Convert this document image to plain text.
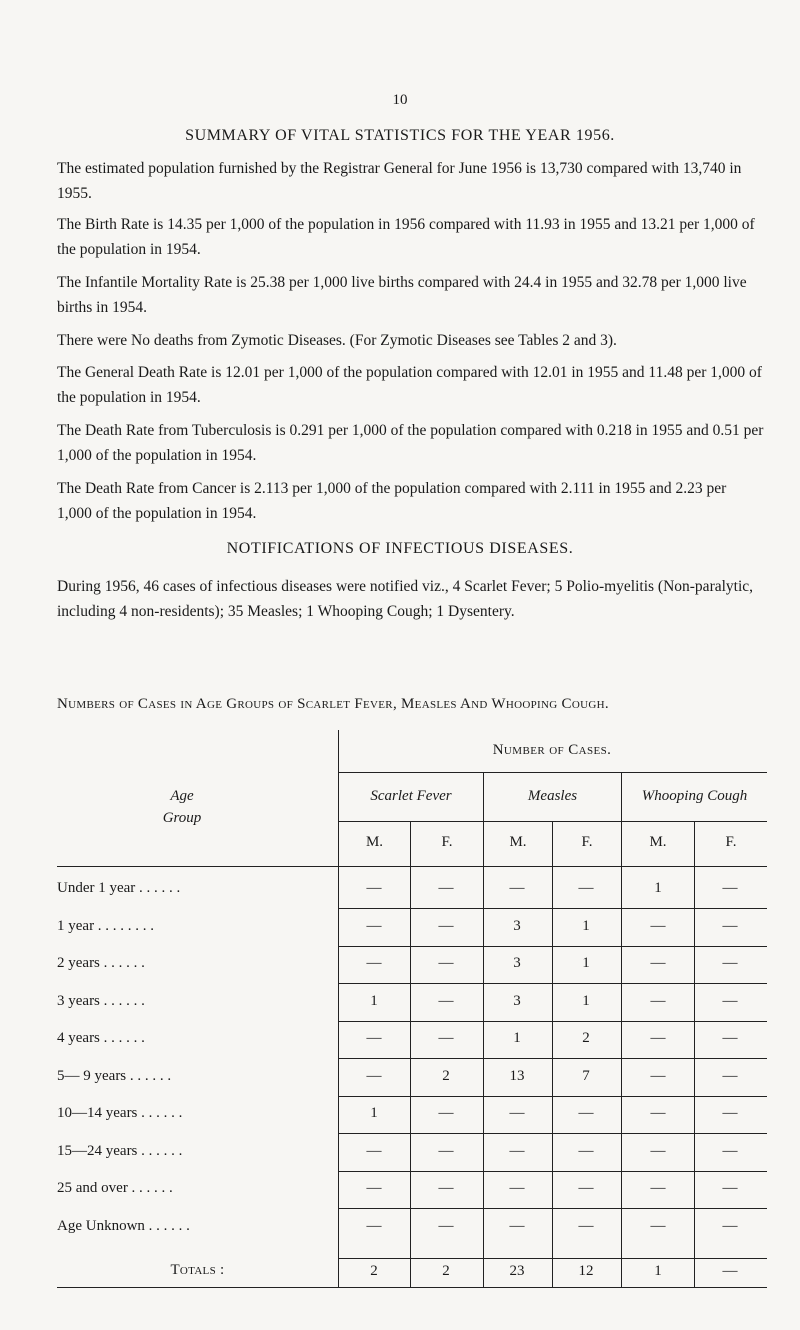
10
SUMMARY OF VITAL STATISTICS FOR THE YEAR 1956.

The estimated population furnished by the Registrar General for June 1956 is 13,730 compared with 13,740 in 1955.

The Birth Rate is 14.35 per 1,000 of the population in 1956 compared with 11.93 in 1955 and 13.21 per 1,000 of the population in 1954.

The Infantile Mortality Rate is 25.38 per 1,000 live births compared with 24.4 in 1955 and 32.78 per 1,000 live births in 1954.

There were No deaths from Zymotic Diseases. (For Zymotic Diseases see Tables 2 and 3).

The General Death Rate is 12.01 per 1,000 of the population compared with 12.01 in 1955 and 11.48 per 1,000 of the population in 1954.

The Death Rate from Tuberculosis is 0.291 per 1,000 of the population compared with 0.218 in 1955 and 0.51 per 1,000 of the population in 1954.

The Death Rate from Cancer is 2.113 per 1,000 of the population compared with 2.111 in 1955 and 2.23 per 1,000 of the population in 1954.

NOTIFICATIONS OF INFECTIOUS DISEASES.

During 1956, 46 cases of infectious diseases were notified viz., 4 Scarlet Fever; 5 Polio-myelitis (Non-paralytic, including 4 non-residents); 35 Measles; 1 Whooping Cough; 1 Dysentery.

Numbers of Cases in Age Groups of Scarlet Fever, Measles And Whooping Cough.
Number of Cases.
Age
Group
Scarlet Fever	Measles	Whooping Cough
M.	F.	M.	F.	M.	F.
Under 1 year . . . . . .	—	—	—	—	1	—
1 year . . . . . . . .	—	—	3	1	—	—
2 years . . . . . .	—	—	3	1	—	—
3 years . . . . . .	1	—	3	1	—	—
4 years . . . . . .	—	—	1	2	—	—
5— 9 years . . . . . .	—	2	13	7	—	—
10—14 years . . . . . .	1	—	—	—	—	—
15—24 years . . . . . .	—	—	—	—	—	—
25 and over . . . . . .	—	—	—	—	—	—
Age Unknown . . . . . .	—	—	—	—	—	—
Totals :	2	2	23	12	1	—
